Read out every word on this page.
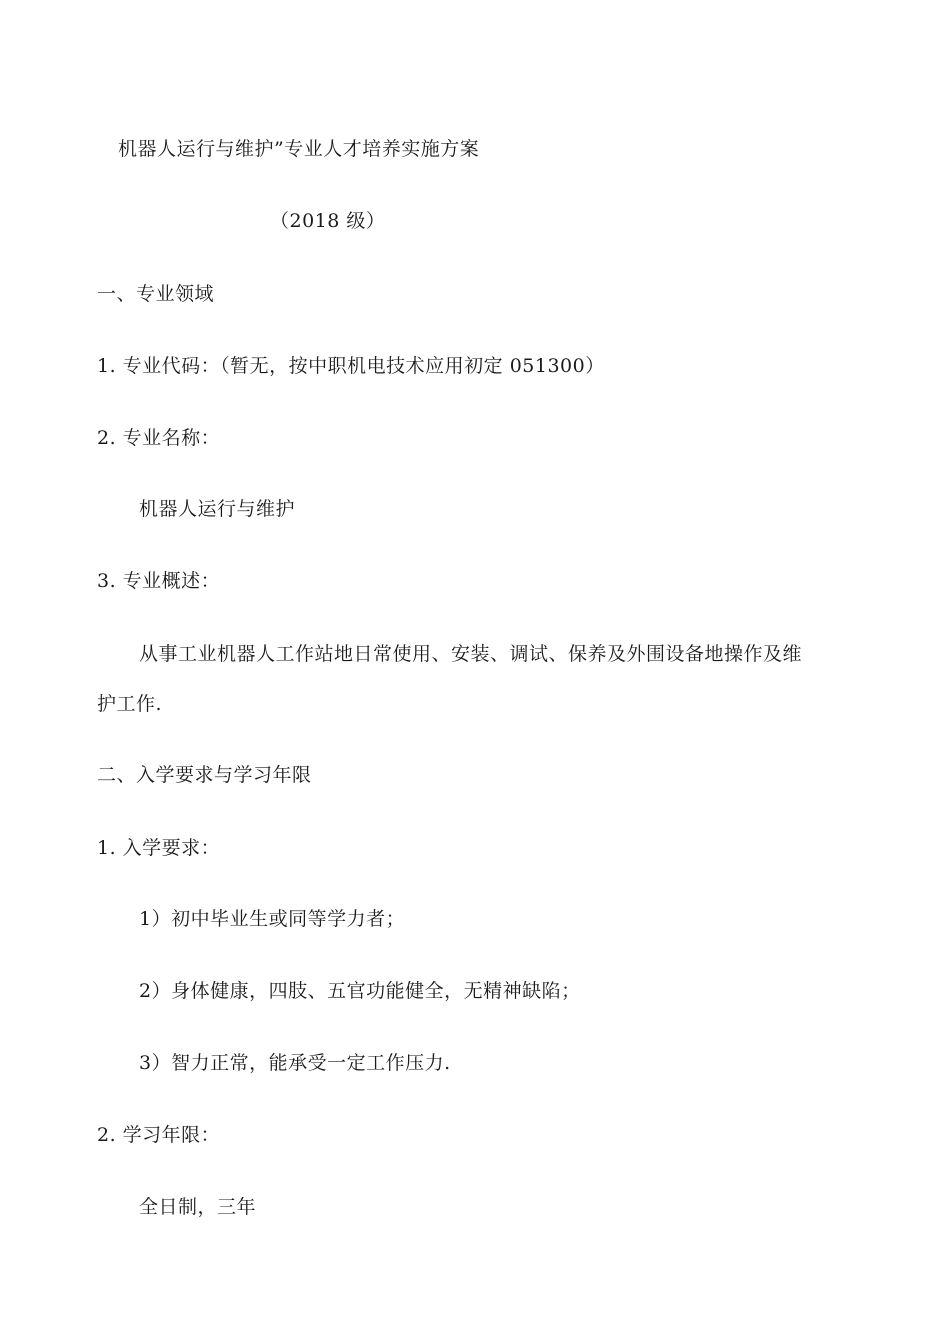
机器人运行与维护”专业人才培养实施方案
（2018 级）
一、专业领域
1. 专业代码：（暂无，按中职机电技术应用初定 051300）
2. 专业名称：
机器人运行与维护
3. 专业概述：
从事工业机器人工作站地日常使用、安装、调试、保养及外围设备地操作及维
护工作.
二、入学要求与学习年限
1. 入学要求：
1）初中毕业生或同等学力者；
2）身体健康，四肢、五官功能健全，无精神缺陷；
3）智力正常，能承受一定工作压力.
2. 学习年限：
全日制，三年
